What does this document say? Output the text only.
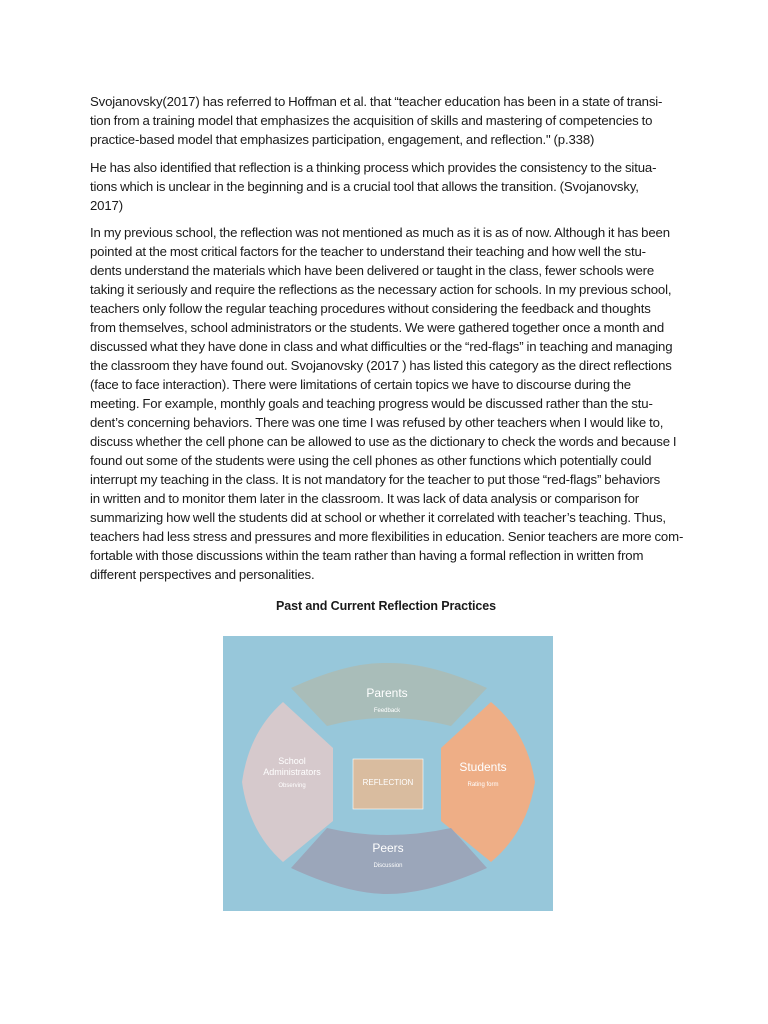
Svojanovsky(2017) has referred to Hoffman et al. that “teacher education has been in a state of transi-
tion from a training model that emphasizes the acquisition of skills and mastering of competencies to
practice-based model that emphasizes participation, engagement, and reflection." (p.338)
He has also identified that reflection is a thinking process which provides the consistency to the situa-
tions which is unclear in the beginning and is a crucial tool that allows the transition. (Svojanovsky,
2017)
In my previous school, the reflection was not mentioned as much as it is as of now. Although it has been
pointed at the most critical factors for the teacher to understand their teaching and how well the stu-
dents understand the materials which have been delivered or taught in the class, fewer schools were
taking it seriously and require the reflections as the necessary action for schools. In my previous school,
teachers only follow the regular teaching procedures without considering the feedback and thoughts
from themselves, school administrators or the students. We were gathered together once a month and
discussed what they have done in class and what difficulties or the “red-flags” in teaching and managing
the classroom they have found out. Svojanovsky (2017 ) has listed this category as the direct reflections
(face to face interaction). There were limitations of certain topics we have to discourse during the
meeting. For example, monthly goals and teaching progress would be discussed rather than the stu-
dent’s concerning behaviors. There was one time I was refused by other teachers when I would like to,
discuss whether the cell phone can be allowed to use as the dictionary to check the words and because I
found out some of the students were using the cell phones as other functions which potentially could
interrupt my teaching in the class. It is not mandatory for the teacher to put those “red-flags” behaviors
in written and to monitor them later in the classroom. It was lack of data analysis or comparison for
summarizing how well the students did at school or whether it correlated with teacher’s teaching. Thus,
teachers had less stress and pressures and more flexibilities in education. Senior teachers are more com-
fortable with those discussions within the team rather than having a formal reflection in written from
different perspectives and personalities.
Past and Current Reflection Practices
Parents
Feedback
School
Administrators
Observing
Students
Rating form
Peers
Discussion
REFLECTION
